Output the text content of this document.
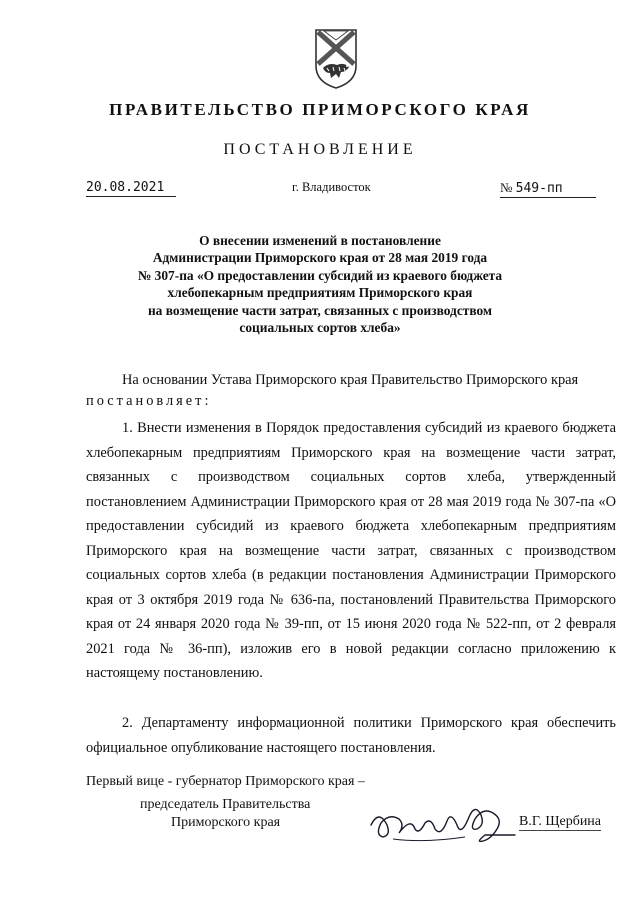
ПРАВИТЕЛЬСТВО ПРИМОРСКОГО КРАЯ
ПОСТАНОВЛЕНИЕ
20.08.2021	г. Владивосток	№ 549-пп
О внесении изменений в постановление
Администрации Приморского края от 28 мая 2019 года
№ 307-па «О предоставлении субсидий из краевого бюджета
хлебопекарным предприятиям Приморского края
на возмещение части затрат, связанных с производством
социальных сортов хлеба»
На основании Устава Приморского края Правительство Приморского края
постановляет:
1. Внести изменения в Порядок предоставления субсидий из краевого бюджета хлебопекарным предприятиям Приморского края на возмещение части затрат, связанных с производством социальных сортов хлеба, утвержденный постановлением Администрации Приморского края от 28 мая 2019 года № 307-па «О предоставлении субсидий из краевого бюджета хлебопекарным предприятиям Приморского края на возмещение части затрат, связанных с производством социальных сортов хлеба (в редакции постановления Администрации Приморского края от 3 октября 2019 года № 636-па, постановлений Правительства Приморского края от 24 января 2020 года № 39-пп, от 15 июня 2020 года № 522-пп, от 2 февраля 2021 года № 36-пп), изложив его в новой редакции согласно приложению к настоящему постановлению.
2. Департаменту информационной политики Приморского края обеспечить официальное опубликование настоящего постановления.
Первый вице - губернатор Приморского края –
председатель Правительства
Приморского края	В.Г. Щербина
